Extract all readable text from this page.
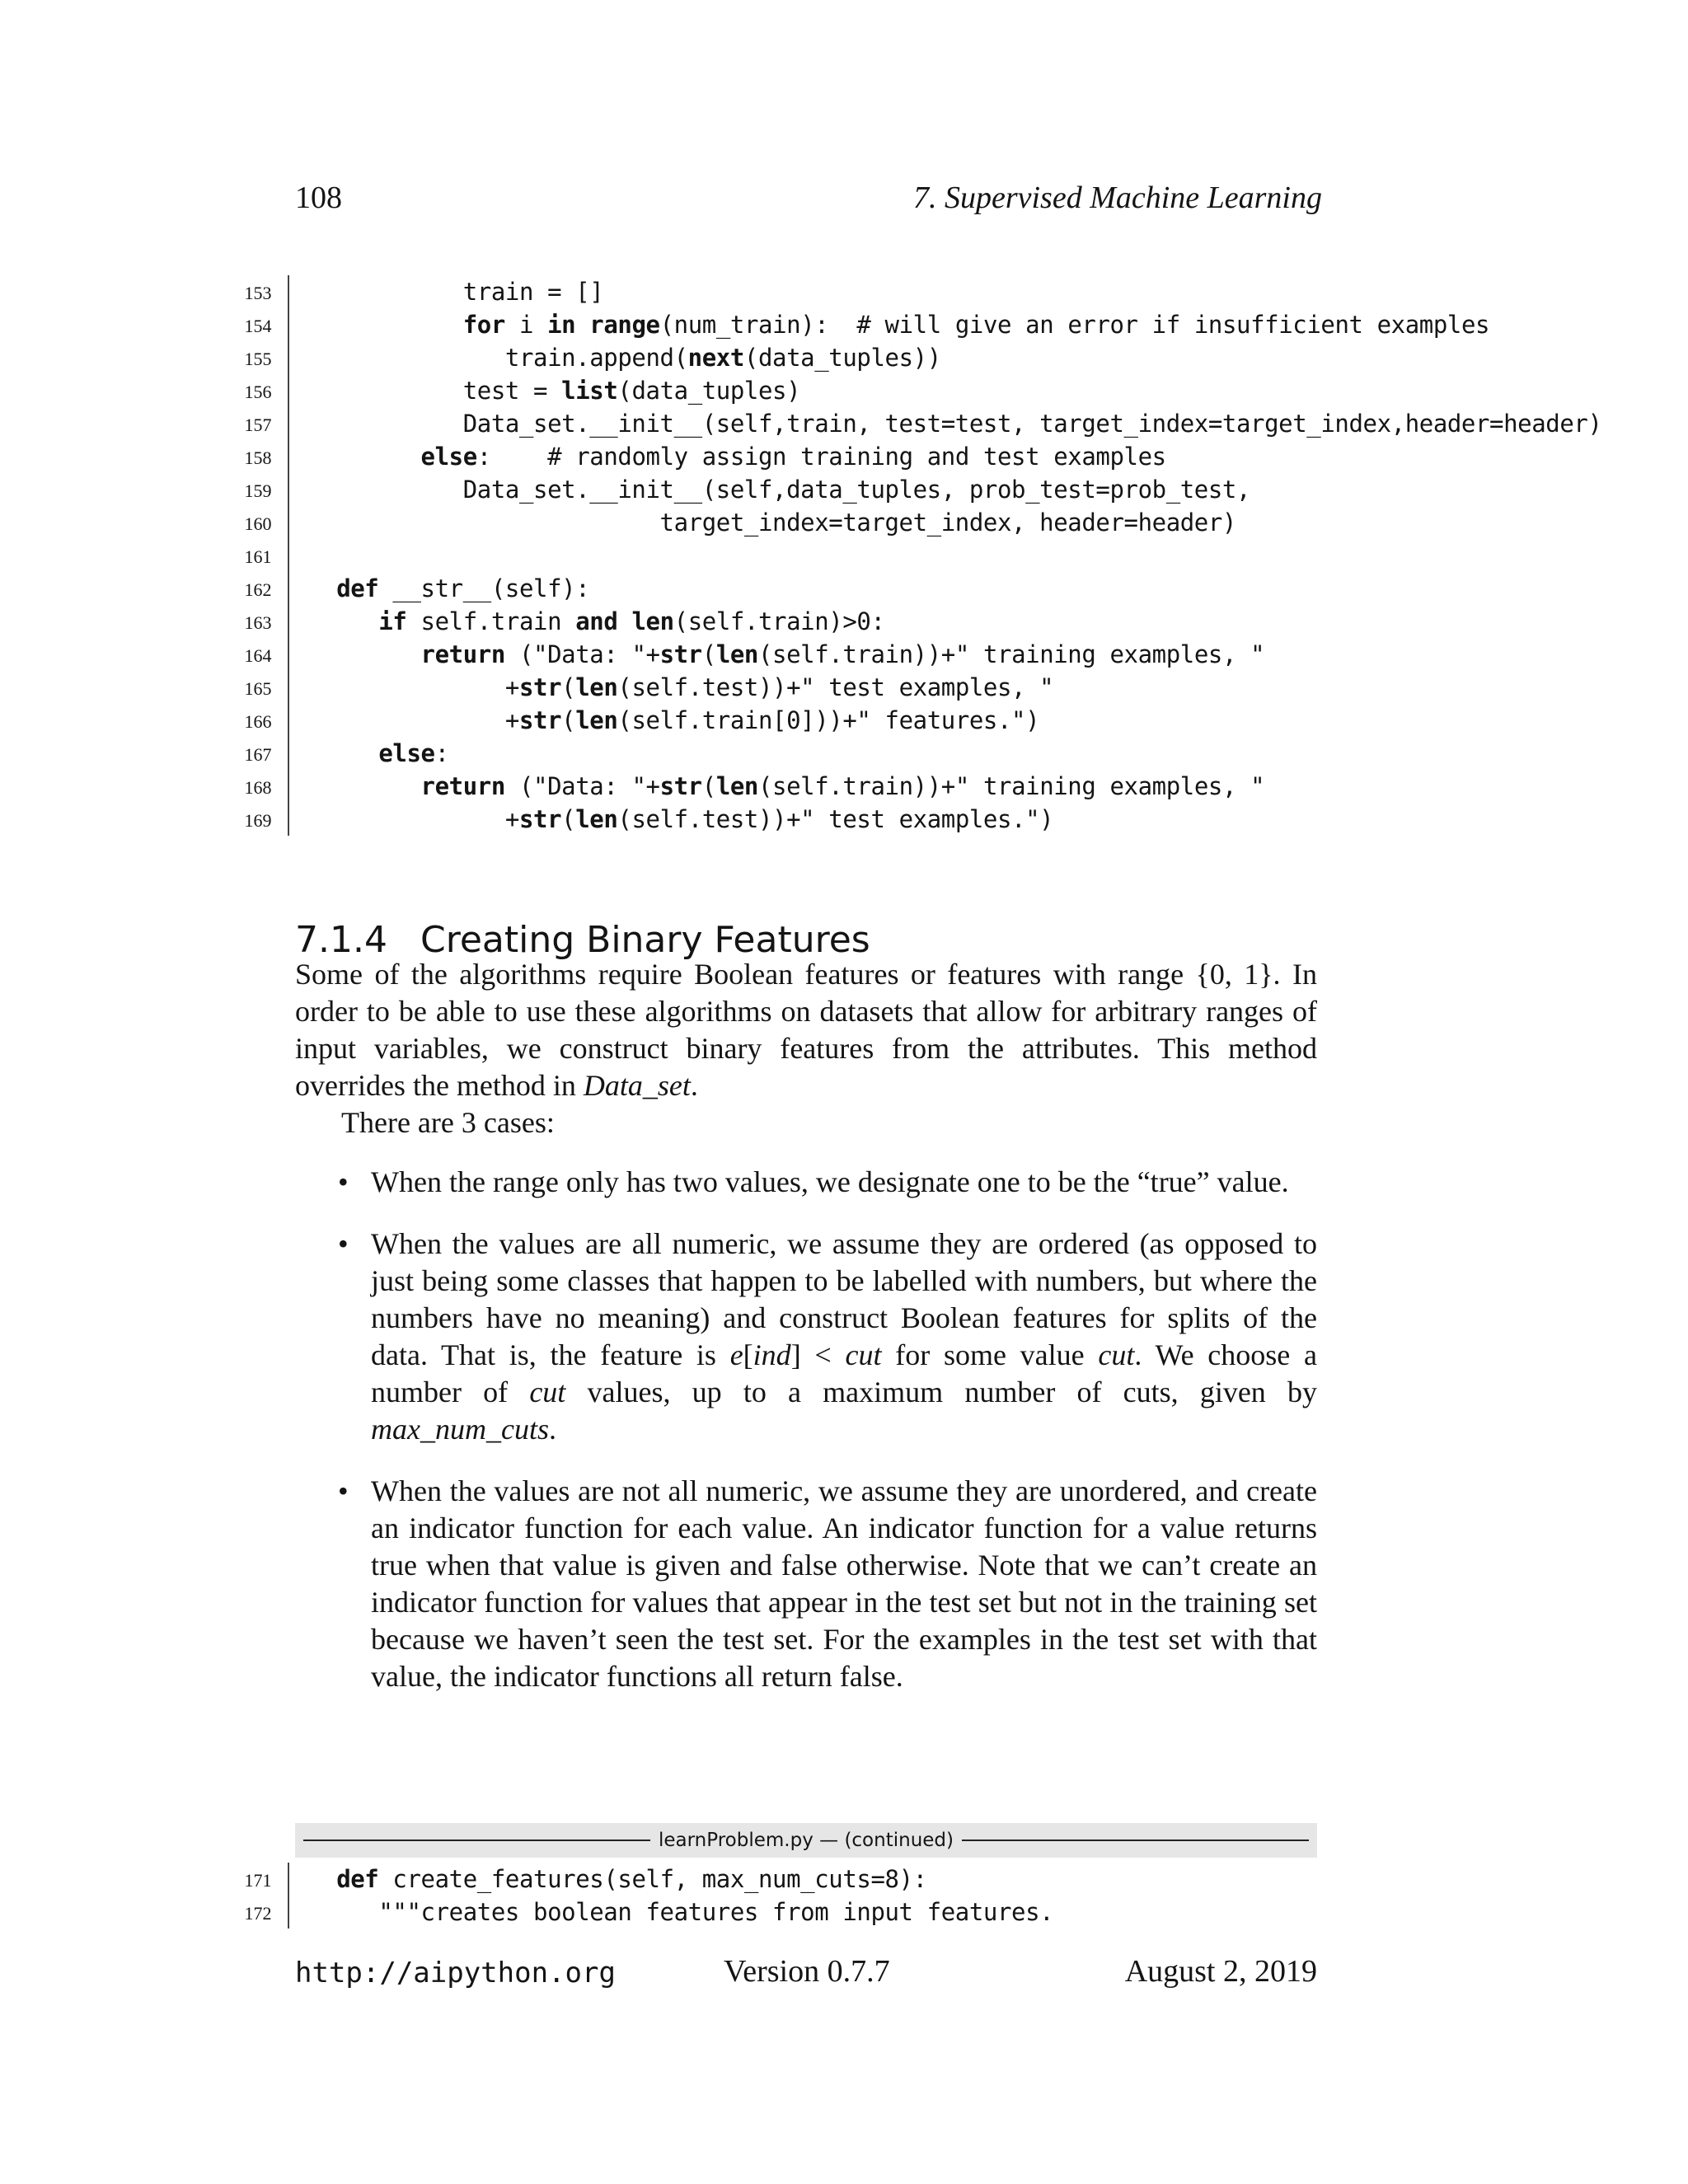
108	7. Supervised Machine Learning
153 train = []
154	for i in range(num_train):  # will give an error if insufficient examples
155 train.append(next(data_tuples))
156 test = list(data_tuples)
157 Data_set.__init__(self,train, test=test, target_index=target_index,header=header)
158	else:    # randomly assign training and test examples
159 Data_set.__init__(self,data_tuples, prob_test=prob_test,
160 target_index=target_index, header=header)
161
162	def __str__(self):
163	if self.train and len(self.train)>0:
164	return ("Data: "+str(len(self.train))+" training examples, "
165 +str(len(self.test))+" test examples, "
166 +str(len(self.train[0]))+" features.")
167	else:
168	return ("Data: "+str(len(self.train))+" training examples, "
169 +str(len(self.test))+" test examples.")
7.1.4 Creating Binary Features

Some of the algorithms require Boolean features or features with range {0, 1}. In order to be able to use these algorithms on datasets that allow for arbitrary ranges of input variables, we construct binary features from the attributes. This method overrides the method in Data_set.

There are 3 cases:

• When the range only has two values, we designate one to be the “true” value.
• When the values are all numeric, we assume they are ordered (as opposed to just being some classes that happen to be labelled with numbers, but where the numbers have no meaning) and construct Boolean features for splits of the data. That is, the feature is e[ind] < cut for some value cut. We choose a number of cut values, up to a maximum number of cuts, given by max_num_cuts.
• When the values are not all numeric, we assume they are unordered, and create an indicator function for each value. An indicator function for a value returns true when that value is given and false otherwise. Note that we can’t create an indicator function for values that appear in the test set but not in the training set because we haven’t seen the test set. For the examples in the test set with that value, the indicator functions all return false.
learnProblem.py — (continued)
171	def create_features(self, max_num_cuts=8):
172 """creates boolean features from input features.
http://aipython.org	Version 0.7.7	August 2, 2019
